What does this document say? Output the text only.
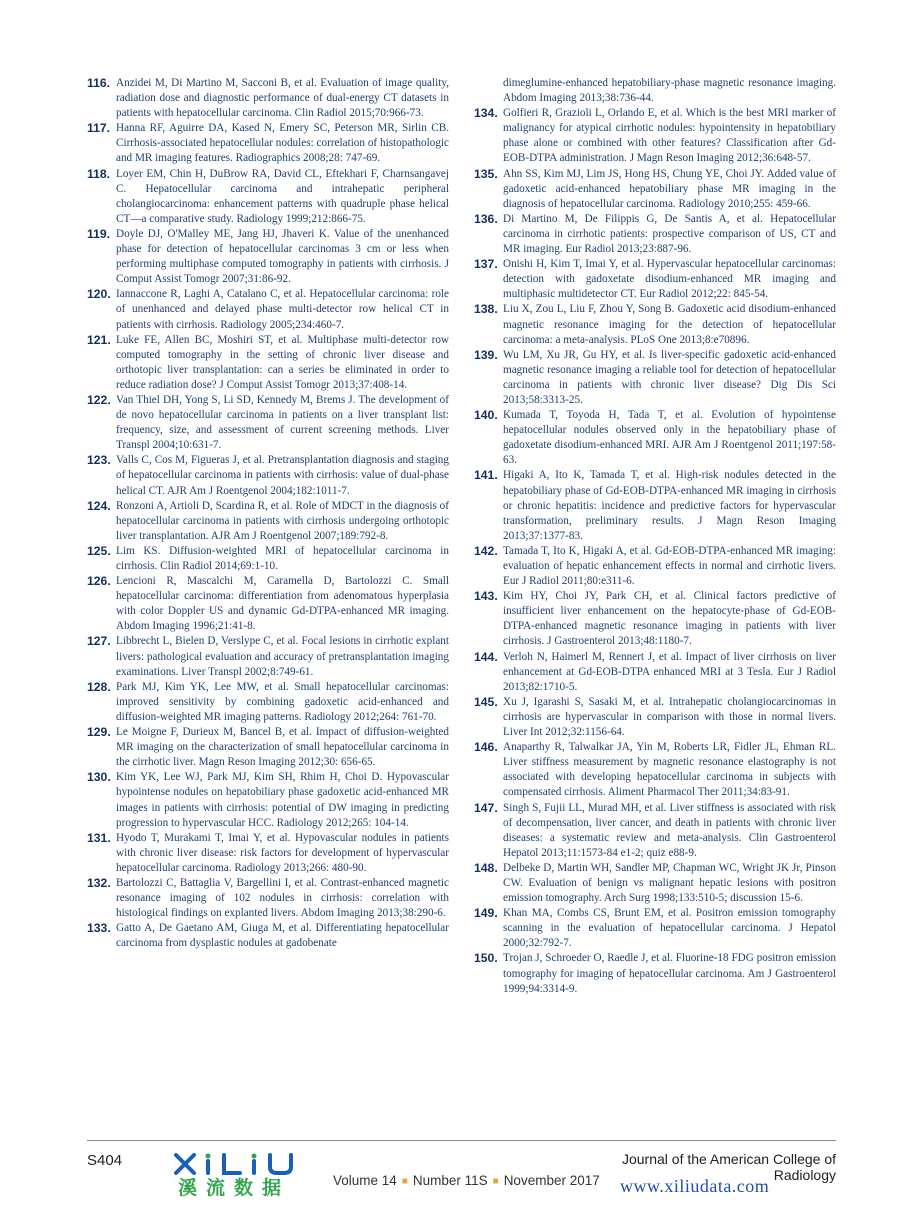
116. Anzidei M, Di Martino M, Sacconi B, et al. Evaluation of image quality, radiation dose and diagnostic performance of dual-energy CT datasets in patients with hepatocellular carcinoma. Clin Radiol 2015;70:966-73.
117. Hanna RF, Aguirre DA, Kased N, Emery SC, Peterson MR, Sirlin CB. Cirrhosis-associated hepatocellular nodules: correlation of histopathologic and MR imaging features. Radiographics 2008;28: 747-69.
118. Loyer EM, Chin H, DuBrow RA, David CL, Eftekhari F, Charnsangavej C. Hepatocellular carcinoma and intrahepatic peripheral cholangiocarcinoma: enhancement patterns with quadruple phase helical CT—a comparative study. Radiology 1999;212:866-75.
119. Doyle DJ, O'Malley ME, Jang HJ, Jhaveri K. Value of the unenhanced phase for detection of hepatocellular carcinomas 3 cm or less when performing multiphase computed tomography in patients with cirrhosis. J Comput Assist Tomogr 2007;31:86-92.
120. Iannaccone R, Laghi A, Catalano C, et al. Hepatocellular carcinoma: role of unenhanced and delayed phase multi-detector row helical CT in patients with cirrhosis. Radiology 2005;234:460-7.
121. Luke FE, Allen BC, Moshiri ST, et al. Multiphase multi-detector row computed tomography in the setting of chronic liver disease and orthotopic liver transplantation: can a series be eliminated in order to reduce radiation dose? J Comput Assist Tomogr 2013;37:408-14.
122. Van Thiel DH, Yong S, Li SD, Kennedy M, Brems J. The development of de novo hepatocellular carcinoma in patients on a liver transplant list: frequency, size, and assessment of current screening methods. Liver Transpl 2004;10:631-7.
123. Valls C, Cos M, Figueras J, et al. Pretransplantation diagnosis and staging of hepatocellular carcinoma in patients with cirrhosis: value of dual-phase helical CT. AJR Am J Roentgenol 2004;182:1011-7.
124. Ronzoni A, Artioli D, Scardina R, et al. Role of MDCT in the diagnosis of hepatocellular carcinoma in patients with cirrhosis undergoing orthotopic liver transplantation. AJR Am J Roentgenol 2007;189:792-8.
125. Lim KS. Diffusion-weighted MRI of hepatocellular carcinoma in cirrhosis. Clin Radiol 2014;69:1-10.
126. Lencioni R, Mascalchi M, Caramella D, Bartolozzi C. Small hepatocellular carcinoma: differentiation from adenomatous hyperplasia with color Doppler US and dynamic Gd-DTPA-enhanced MR imaging. Abdom Imaging 1996;21:41-8.
127. Libbrecht L, Bielen D, Verslype C, et al. Focal lesions in cirrhotic explant livers: pathological evaluation and accuracy of pretransplantation imaging examinations. Liver Transpl 2002;8:749-61.
128. Park MJ, Kim YK, Lee MW, et al. Small hepatocellular carcinomas: improved sensitivity by combining gadoxetic acid-enhanced and diffusion-weighted MR imaging patterns. Radiology 2012;264: 761-70.
129. Le Moigne F, Durieux M, Bancel B, et al. Impact of diffusion-weighted MR imaging on the characterization of small hepatocellular carcinoma in the cirrhotic liver. Magn Reson Imaging 2012;30: 656-65.
130. Kim YK, Lee WJ, Park MJ, Kim SH, Rhim H, Choi D. Hypovascular hypointense nodules on hepatobiliary phase gadoxetic acid-enhanced MR images in patients with cirrhosis: potential of DW imaging in predicting progression to hypervascular HCC. Radiology 2012;265: 104-14.
131. Hyodo T, Murakami T, Imai Y, et al. Hypovascular nodules in patients with chronic liver disease: risk factors for development of hypervascular hepatocellular carcinoma. Radiology 2013;266: 480-90.
132. Bartolozzi C, Battaglia V, Bargellini I, et al. Contrast-enhanced magnetic resonance imaging of 102 nodules in cirrhosis: correlation with histological findings on explanted livers. Abdom Imaging 2013;38:290-6.
133. Gatto A, De Gaetano AM, Giuga M, et al. Differentiating hepatocellular carcinoma from dysplastic nodules at gadobenate
dimeglumine-enhanced hepatobiliary-phase magnetic resonance imaging. Abdom Imaging 2013;38:736-44.
134. Golfieri R, Grazioli L, Orlando E, et al. Which is the best MRI marker of malignancy for atypical cirrhotic nodules: hypointensity in hepatobiliary phase alone or combined with other features? Classification after Gd-EOB-DTPA administration. J Magn Reson Imaging 2012;36:648-57.
135. Ahn SS, Kim MJ, Lim JS, Hong HS, Chung YE, Choi JY. Added value of gadoxetic acid-enhanced hepatobiliary phase MR imaging in the diagnosis of hepatocellular carcinoma. Radiology 2010;255: 459-66.
136. Di Martino M, De Filippis G, De Santis A, et al. Hepatocellular carcinoma in cirrhotic patients: prospective comparison of US, CT and MR imaging. Eur Radiol 2013;23:887-96.
137. Onishi H, Kim T, Imai Y, et al. Hypervascular hepatocellular carcinomas: detection with gadoxetate disodium-enhanced MR imaging and multiphasic multidetector CT. Eur Radiol 2012;22: 845-54.
138. Liu X, Zou L, Liu F, Zhou Y, Song B. Gadoxetic acid disodium-enhanced magnetic resonance imaging for the detection of hepatocellular carcinoma: a meta-analysis. PLoS One 2013;8:e70896.
139. Wu LM, Xu JR, Gu HY, et al. Is liver-specific gadoxetic acid-enhanced magnetic resonance imaging a reliable tool for detection of hepatocellular carcinoma in patients with chronic liver disease? Dig Dis Sci 2013;58:3313-25.
140. Kumada T, Toyoda H, Tada T, et al. Evolution of hypointense hepatocellular nodules observed only in the hepatobiliary phase of gadoxetate disodium-enhanced MRI. AJR Am J Roentgenol 2011;197:58-63.
141. Higaki A, Ito K, Tamada T, et al. High-risk nodules detected in the hepatobiliary phase of Gd-EOB-DTPA-enhanced MR imaging in cirrhosis or chronic hepatitis: incidence and predictive factors for hypervascular transformation, preliminary results. J Magn Reson Imaging 2013;37:1377-83.
142. Tamada T, Ito K, Higaki A, et al. Gd-EOB-DTPA-enhanced MR imaging: evaluation of hepatic enhancement effects in normal and cirrhotic livers. Eur J Radiol 2011;80:e311-6.
143. Kim HY, Choi JY, Park CH, et al. Clinical factors predictive of insufficient liver enhancement on the hepatocyte-phase of Gd-EOB-DTPA-enhanced magnetic resonance imaging in patients with liver cirrhosis. J Gastroenterol 2013;48:1180-7.
144. Verloh N, Haimerl M, Rennert J, et al. Impact of liver cirrhosis on liver enhancement at Gd-EOB-DTPA enhanced MRI at 3 Tesla. Eur J Radiol 2013;82:1710-5.
145. Xu J, Igarashi S, Sasaki M, et al. Intrahepatic cholangiocarcinomas in cirrhosis are hypervascular in comparison with those in normal livers. Liver Int 2012;32:1156-64.
146. Anaparthy R, Talwalkar JA, Yin M, Roberts LR, Fidler JL, Ehman RL. Liver stiffness measurement by magnetic resonance elastography is not associated with developing hepatocellular carcinoma in subjects with compensated cirrhosis. Aliment Pharmacol Ther 2011;34:83-91.
147. Singh S, Fujii LL, Murad MH, et al. Liver stiffness is associated with risk of decompensation, liver cancer, and death in patients with chronic liver diseases: a systematic review and meta-analysis. Clin Gastroenterol Hepatol 2013;11:1573-84 e1-2; quiz e88-9.
148. Delbeke D, Martin WH, Sandler MP, Chapman WC, Wright JK Jr, Pinson CW. Evaluation of benign vs malignant hepatic lesions with positron emission tomography. Arch Surg 1998;133:510-5; discussion 15-6.
149. Khan MA, Combs CS, Brunt EM, et al. Positron emission tomography scanning in the evaluation of hepatocellular carcinoma. J Hepatol 2000;32:792-7.
150. Trojan J, Schroeder O, Raedle J, et al. Fluorine-18 FDG positron emission tomography for imaging of hepatocellular carcinoma. Am J Gastroenterol 1999;94:3314-9.
S404
溪流数据
Journal of the American College of Radiology
Volume 14 ■ Number 11S ■ November 2017 www.xiliudata.com
